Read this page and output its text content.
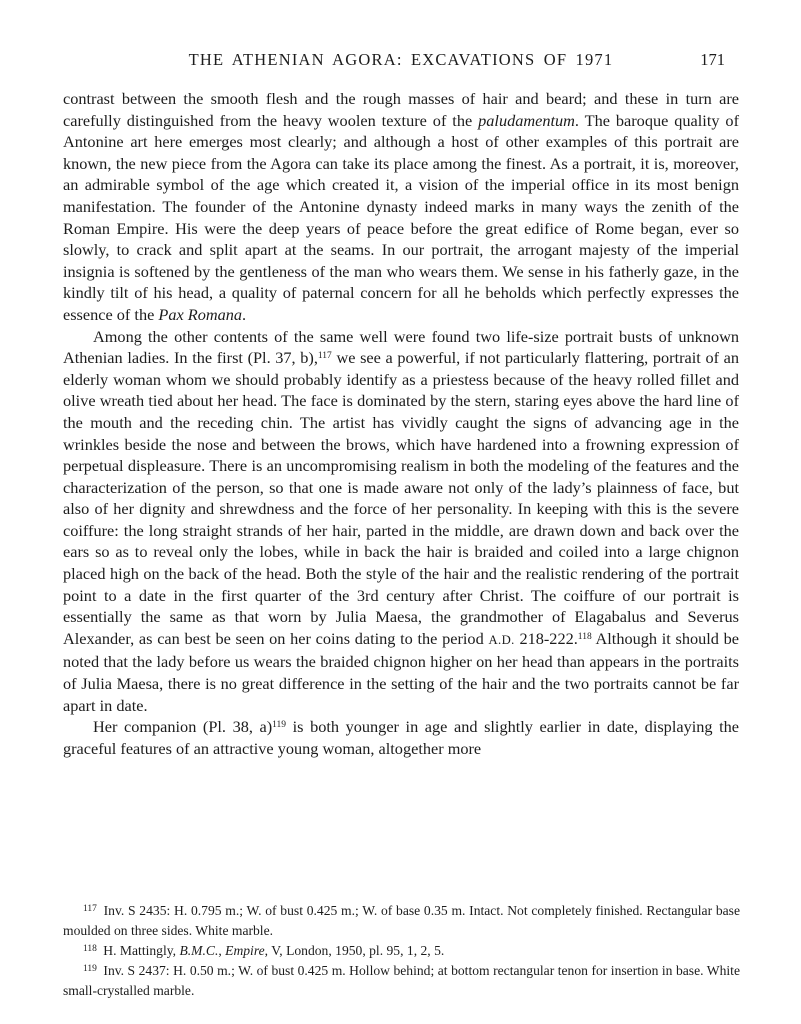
THE ATHENIAN AGORA: EXCAVATIONS OF 1971	171

contrast between the smooth flesh and the rough masses of hair and beard; and these in turn are carefully distinguished from the heavy woolen texture of the paludamentum. The baroque quality of Antonine art here emerges most clearly; and although a host of other examples of this portrait are known, the new piece from the Agora can take its place among the finest. As a portrait, it is, moreover, an admirable symbol of the age which created it, a vision of the imperial office in its most benign manifestation. The founder of the Antonine dynasty indeed marks in many ways the zenith of the Roman Empire. His were the deep years of peace before the great edifice of Rome began, ever so slowly, to crack and split apart at the seams. In our portrait, the arrogant majesty of the imperial insignia is softened by the gentleness of the man who wears them. We sense in his fatherly gaze, in the kindly tilt of his head, a quality of paternal concern for all he beholds which perfectly expresses the essence of the Pax Romana.

Among the other contents of the same well were found two life-size portrait busts of unknown Athenian ladies. In the first (Pl. 37, b),$^{117}$ we see a powerful, if not particularly flattering, portrait of an elderly woman whom we should probably identify as a priestess because of the heavy rolled fillet and olive wreath tied about her head. The face is dominated by the stern, staring eyes above the hard line of the mouth and the receding chin. The artist has vividly caught the signs of advancing age in the wrinkles beside the nose and between the brows, which have hardened into a frowning expression of perpetual displeasure. There is an uncompromising realism in both the modeling of the features and the characterization of the person, so that one is made aware not only of the lady’s plainness of face, but also of her dignity and shrewdness and the force of her personality. In keeping with this is the severe coiffure: the long straight strands of her hair, parted in the middle, are drawn down and back over the ears so as to reveal only the lobes, while in back the hair is braided and coiled into a large chignon placed high on the back of the head. Both the style of the hair and the realistic rendering of the portrait point to a date in the first quarter of the 3rd century after Christ. The coiffure of our portrait is essentially the same as that worn by Julia Maesa, the grandmother of Elagabalus and Severus Alexander, as can best be seen on her coins dating to the period A.D. 218-222.$^{118}$ Although it should be noted that the lady before us wears the braided chignon higher on her head than appears in the portraits of Julia Maesa, there is no great difference in the setting of the hair and the two portraits cannot be far apart in date.

Her companion (Pl. 38, a)$^{119}$ is both younger in age and slightly earlier in date, displaying the graceful features of an attractive young woman, altogether more

$^{117}$ Inv. S 2435: H. 0.795 m.; W. of bust 0.425 m.; W. of base 0.35 m. Intact. Not completely finished. Rectangular base moulded on three sides. White marble.

$^{118}$ H. Mattingly, B.M.C., Empire, V, London, 1950, pl. 95, 1, 2, 5.

$^{119}$ Inv. S 2437: H. 0.50 m.; W. of bust 0.425 m. Hollow behind; at bottom rectangular tenon for insertion in base. White small-crystalled marble.
